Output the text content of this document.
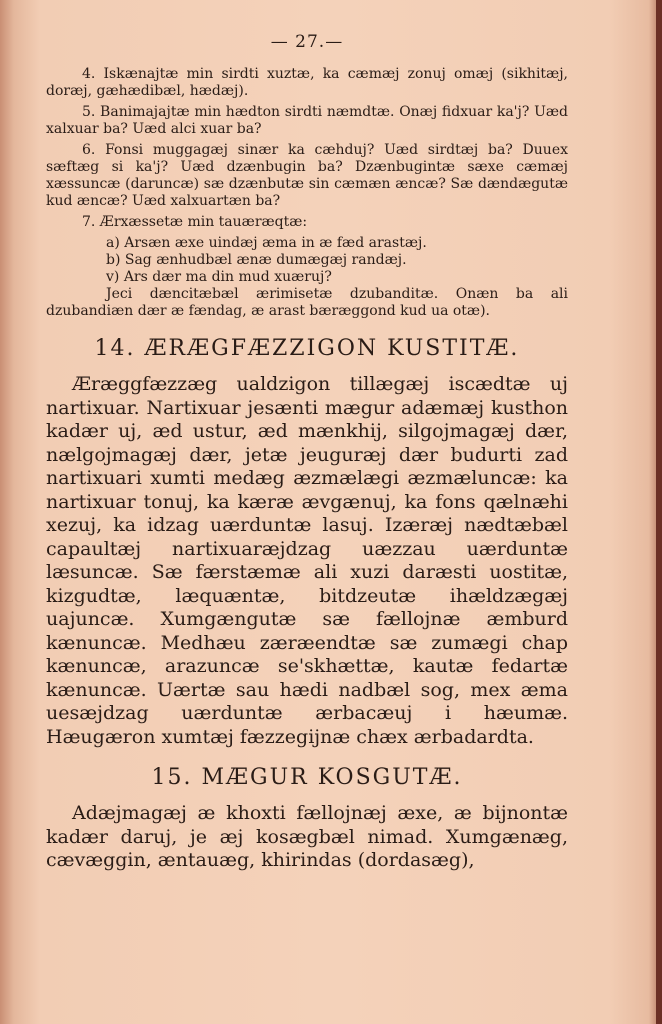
— 27.—

4. Iskænajtæ min sirdti xuztæ, ka cæmæj zonuj omæj (sikhitæj, doræj, gæhædibæl, hædæj).

5. Banimajajtæ min hædton sirdti næmdtæ. Onæj fidxuar ka'j? Uæd xalxuar ba? Uæd alci xuar ba?

6. Fonsi muggagæj sinær ka cæhduj? Uæd sirdtæj ba? Duuex sæftæg si ka'j? Uæd dzænbugin ba? Dzænbugintæ sæxe cæmæj xæssuncæ (daruncæ) sæ dzænbutæ sin cæmæn æncæ? Sæ dændægutæ kud æncæ? Uæd xalxuartæn ba?

7. Ærxæssetæ min tauæræqtæ:

a) Arsæn æxe uindæj æma in æ fæd arastæj.
b) Sag ænhudbæl ænæ dumægæj randæj.
v) Ars dær ma din mud xuæruj?

Jeci dæncitæbæl ærimisetæ dzubanditæ. Onæn ba ali dzubandiæn dær æ fændag, æ arast bæræggond kud ua otæ).

14. ÆRÆGFÆZZIGON KUSTITÆ.

Æræggfæzzæg ualdzigon tillægæj iscædtæ uj nartixuar. Nartixuar jesænti mægur adæmæj kusthon kadær uj, æd ustur, æd mænkhij, silgojmagæj dær, nælgojmagæj dær, jetæ jeuguræj dær budurti zad nartixuari xumti medæg æzmælægi æzmæluncæ: ka nartixuar tonuj, ka kæræ ævgænuj, ka fons qælnæhi xezuj, ka idzag uærduntæ lasuj. Izæræj nædtæbæl capaultæj nartixuaræjdzag uæzzau uærduntæ læsuncæ. Sæ færstæmæ ali xuzi daræsti uostitæ, kizgudtæ, læquæntæ, bitdzeutæ ihældzægæj uajuncæ. Xumgængutæ sæ fællojnæ æmburd kænuncæ. Medhæu zæræendtæ sæ zumægi chap kænuncæ, arazuncæ se'skhættæ, kautæ fedartæ kænuncæ. Uærtæ sau hædi nadbæl sog, mex æma uesæjdzag uærduntæ ærbacæuj i hæumæ. Hæugæron xumtæj fæzzegijnæ chæx ærbadardta.

15. MÆGUR KOSGUTÆ.

Adæjmagæj æ khoxti fællojnæj æxe, æ bijnontæ kadær daruj, je æj kosægbæl nimad. Xumgænæg, cævæggin, æntauæg, khirindas (dordasæg),
